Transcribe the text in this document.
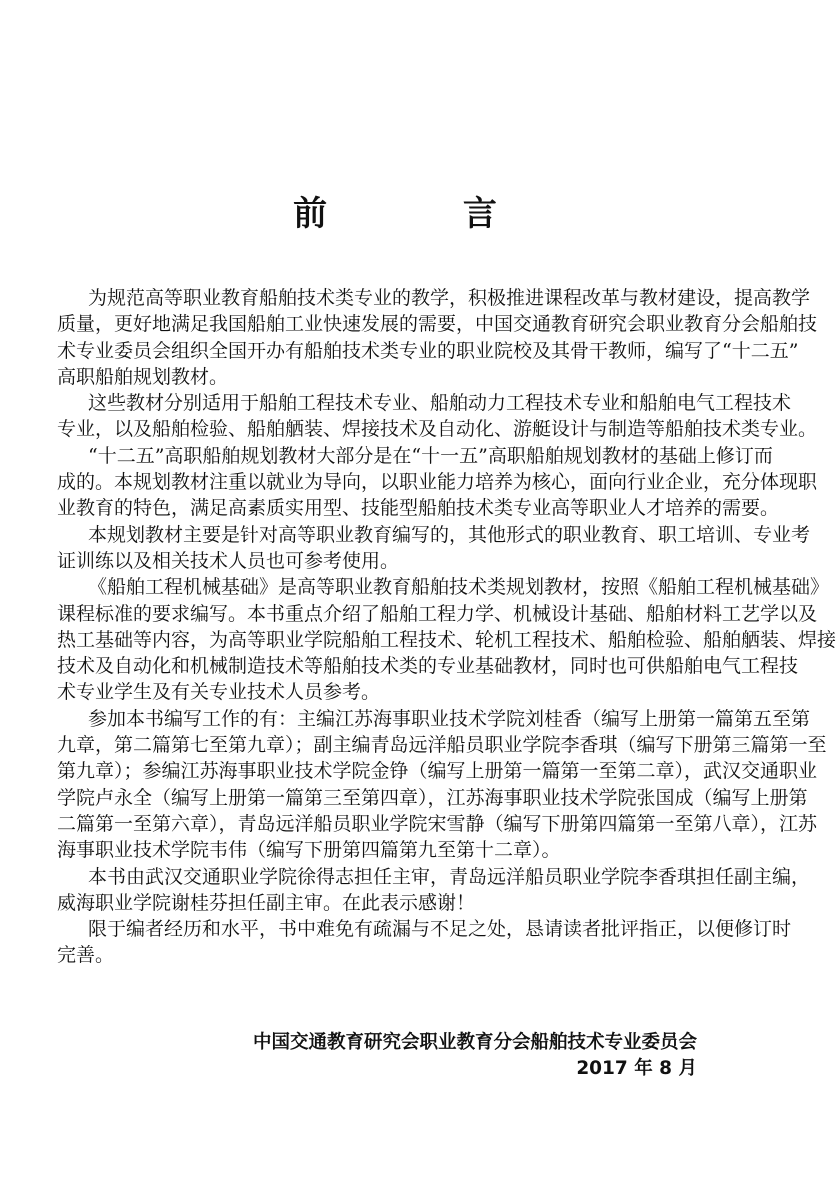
前 言
为规范高等职业教育船舶技术类专业的教学，积极推进课程改革与教材建设，提高教学
质量，更好地满足我国船舶工业快速发展的需要，中国交通教育研究会职业教育分会船舶技
术专业委员会组织全国开办有船舶技术类专业的职业院校及其骨干教师，编写了“十二五”
高职船舶规划教材。
这些教材分别适用于船舶工程技术专业、船舶动力工程技术专业和船舶电气工程技术
专业，以及船舶检验、船舶舾装、焊接技术及自动化、游艇设计与制造等船舶技术类专业。
“十二五”高职船舶规划教材大部分是在“十一五”高职船舶规划教材的基础上修订而
成的。本规划教材注重以就业为导向，以职业能力培养为核心，面向行业企业，充分体现职
业教育的特色，满足高素质实用型、技能型船舶技术类专业高等职业人才培养的需要。
本规划教材主要是针对高等职业教育编写的，其他形式的职业教育、职工培训、专业考
证训练以及相关技术人员也可参考使用。
《船舶工程机械基础》是高等职业教育船舶技术类规划教材，按照《船舶工程机械基础》
课程标准的要求编写。本书重点介绍了船舶工程力学、机械设计基础、船舶材料工艺学以及
热工基础等内容，为高等职业学院船舶工程技术、轮机工程技术、船舶检验、船舶舾装、焊接
技术及自动化和机械制造技术等船舶技术类的专业基础教材，同时也可供船舶电气工程技
术专业学生及有关专业技术人员参考。
参加本书编写工作的有：主编江苏海事职业技术学院刘桂香（编写上册第一篇第五至第
九章，第二篇第七至第九章）；副主编青岛远洋船员职业学院李香琪（编写下册第三篇第一至
第九章）；参编江苏海事职业技术学院金铮（编写上册第一篇第一至第二章），武汉交通职业
学院卢永全（编写上册第一篇第三至第四章），江苏海事职业技术学院张国成（编写上册第
二篇第一至第六章），青岛远洋船员职业学院宋雪静（编写下册第四篇第一至第八章），江苏
海事职业技术学院韦伟（编写下册第四篇第九至第十二章）。
本书由武汉交通职业学院徐得志担任主审，青岛远洋船员职业学院李香琪担任副主编，
威海职业学院谢桂芬担任副主审。在此表示感谢！
限于编者经历和水平，书中难免有疏漏与不足之处，恳请读者批评指正，以便修订时
完善。
中国交通教育研究会职业教育分会船舶技术专业委员会
2017 年 8 月
